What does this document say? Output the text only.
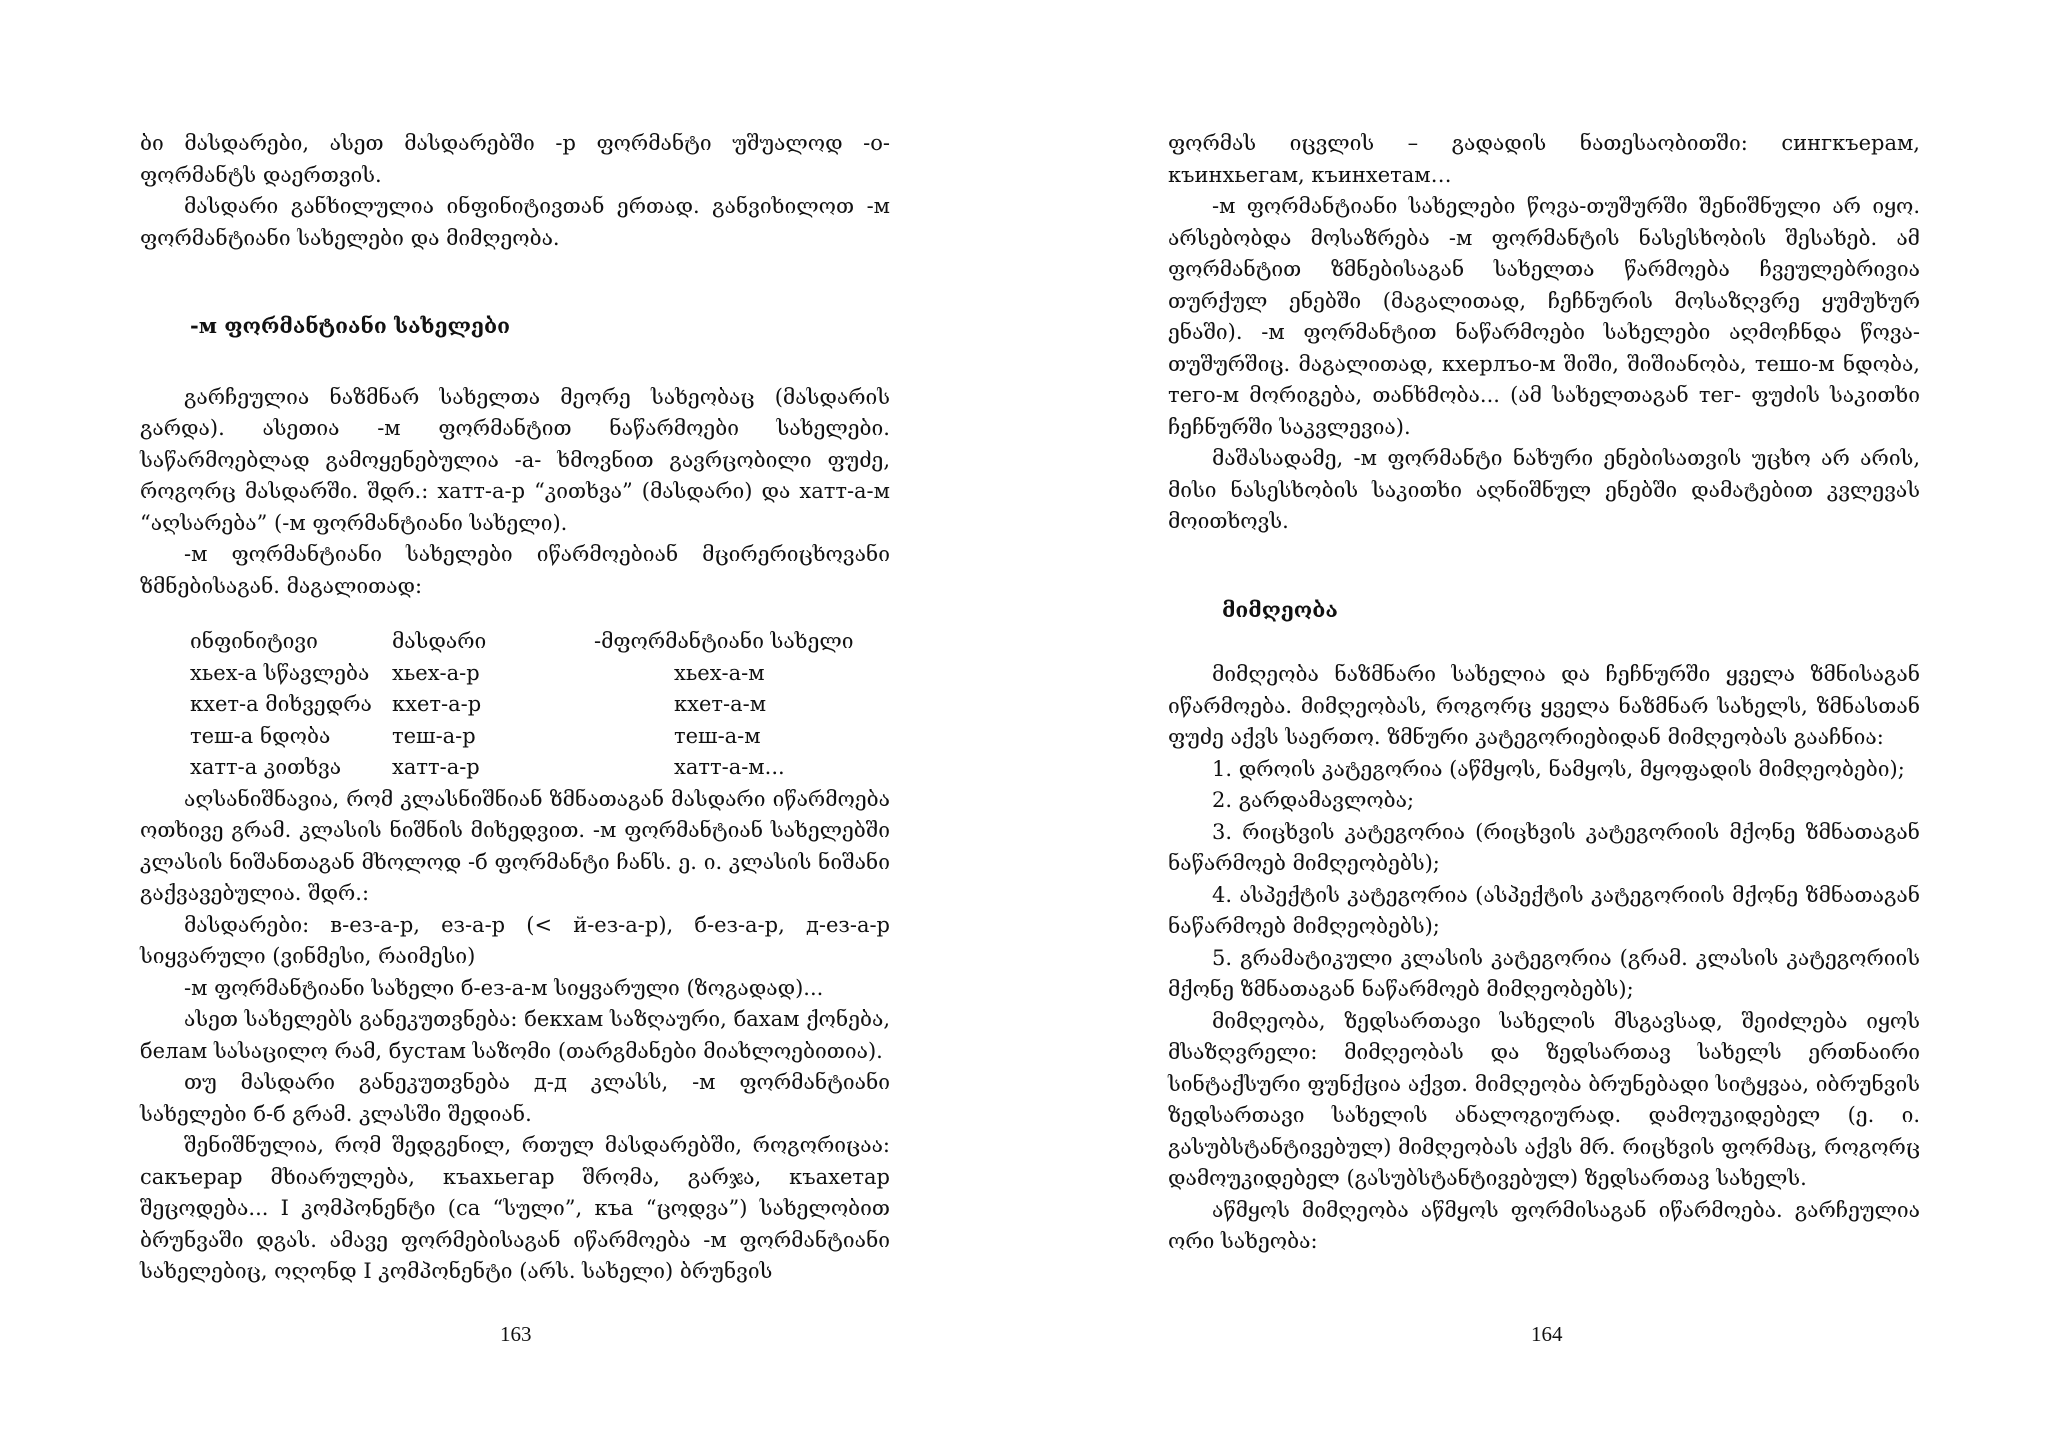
ბი მასდარები, ასეთ მასდარებში -р ფორმანტი უშუალოდ -о- ფორმანტს დაერთვის.

მასდარი განხილულია ინფინიტივთან ერთად. განვიხილოთ -м ფორმანტიანი სახელები და მიმღეობა.

-м ფორმანტიანი სახელები

გარჩეულია ნაზმნარ სახელთა მეორე სახეობაც (მასდარის გარდა). ასეთია -м ფორმანტით ნაწარმოები სახელები. საწარმოებლად გამოყენებულია -а- ხმოვნით გავრცობილი ფუძე, როგორც მასდარში. შდრ.: хатт-а-р “კითხვა” (მასდარი) და хатт-а-м “აღსარება” (-м ფორმანტიანი სახელი).

-м ფორმანტიანი სახელები იწარმოებიან მცირერიცხოვანი ზმნებისაგან. მაგალითად:

ინფინიტივი	მასდარი	-მფორმანტიანი სახელი
хьех-а სწავლება	хьех-а-р	хьех-а-м
кхет-а მიხვედრა	кхет-а-р	кхет-а-м
теш-а ნდობა	теш-а-р	теш-а-м
хатт-а კითხვა	хатт-а-р	хатт-а-м...

აღსანიშნავია, რომ კლასნიშნიან ზმნათაგან მასდარი იწარმოება ოთხივე გრამ. კლასის ნიშნის მიხედვით. -м ფორმანტიან სახელებში კლასის ნიშანთაგან მხოლოდ -б ფორმანტი ჩანს. ე. ი. კლასის ნიშანი გაქვავებულია. შდრ.:

მასდარები: в-ез-а-р, ез-а-р (< й-ез-а-р), б-ез-а-р, д-ез-а-р სიყვარული (ვინმესი, რაიმესი)

-м ფორმანტიანი სახელი б-ез-а-м სიყვარული (ზოგადად)...

ასეთ სახელებს განეკუთვნება: бекхам საზღაური, бахам ქონება, белам სასაცილო რამ, бустам საზომი (თარგმანები მიახლოებითია).

თუ მასდარი განეკუთვნება д-д კლასს, -м ფორმანტიანი სახელები б-б გრამ. კლასში შედიან.

შენიშნულია, რომ შედგენილ, რთულ მასდარებში, როგორიცაა: сакъерар მხიარულება, къахьегар შრომა, გარჯა, къахетар შეცოდება... I კომპონენტი (са “სული”, къа “ცოდვა”) სახელობით ბრუნვაში დგას. ამავე ფორმებისაგან იწარმოება -м ფორმანტიანი სახელებიც, ოღონდ I კომპონენტი (არს. სახელი) ბრუნვის

ფორმას იცვლის – გადადის ნათესაობითში: сингкъерам, къинхьегам, къинхетам…

-м ფორმანტიანი სახელები წოვა-თუშურში შენიშნული არ იყო. არსებობდა მოსაზრება -м ფორმანტის ნასესხობის შესახებ. ამ ფორმანტით ზმნებისაგან სახელთა წარმოება ჩვეულებრივია თურქულ ენებში (მაგალითად, ჩეჩნურის მოსაზღვრე ყუმუხურ ენაში). -м ფორმანტით ნაწარმოები სახელები აღმოჩნდა წოვა-თუშურშიც. მაგალითად, кхерлъо-м შიში, შიშიანობა, тешо-м ნდობა, тего-м მორიგება, თანხმობა... (ამ სახელთაგან тег- ფუძის საკითხი ჩეჩნურში საკვლევია).

მაშასადამე, -м ფორმანტი ნახური ენებისათვის უცხო არ არის, მისი ნასესხობის საკითხი აღნიშნულ ენებში დამატებით კვლევას მოითხოვს.

მიმღეობა

მიმღეობა ნაზმნარი სახელია და ჩეჩნურში ყველა ზმნისაგან იწარმოება. მიმღეობას, როგორც ყველა ნაზმნარ სახელს, ზმნასთან ფუძე აქვს საერთო. ზმნური კატეგორიებიდან მიმღეობას გააჩნია:

1. დროის კატეგორია (აწმყოს, ნამყოს, მყოფადის მიმღეობები);

2. გარდამავლობა;

3. რიცხვის კატეგორია (რიცხვის კატეგორიის მქონე ზმნათაგან ნაწარმოებ მიმღეობებს);

4. ასპექტის კატეგორია (ასპექტის კატეგორიის მქონე ზმნათაგან ნაწარმოებ მიმღეობებს);

5. გრამატიკული კლასის კატეგორია (გრამ. კლასის კატეგორიის მქონე ზმნათაგან ნაწარმოებ მიმღეობებს);

მიმღეობა, ზედსართავი სახელის მსგავსად, შეიძლება იყოს მსაზღვრელი: მიმღეობას და ზედსართავ სახელს ერთნაირი სინტაქსური ფუნქცია აქვთ. მიმღეობა ბრუნებადი სიტყვაა, იბრუნვის ზედსართავი სახელის ანალოგიურად. დამოუკიდებელ (ე. ი. გასუბსტანტივებულ) მიმღეობას აქვს მრ. რიცხვის ფორმაც, როგორც დამოუკიდებელ (გასუბსტანტივებულ) ზედსართავ სახელს.

აწმყოს მიმღეობა აწმყოს ფორმისაგან იწარმოება. გარჩეულია ორი სახეობა:

163	164
